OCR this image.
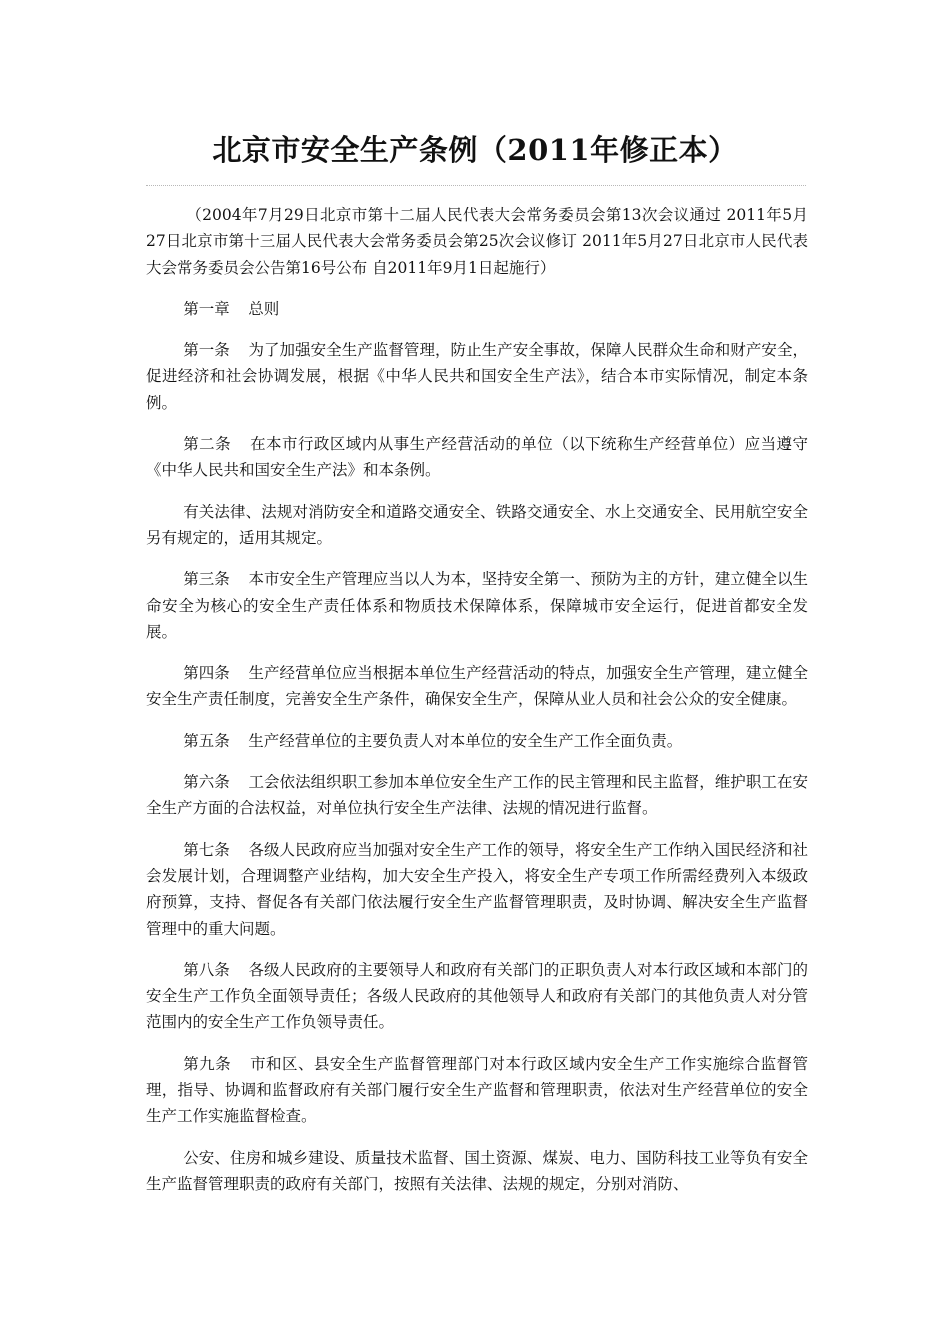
北京市安全生产条例（2011年修正本）

（2004年7月29日北京市第十二届人民代表大会常务委员会第13次会议通过 2011年5月27日北京市第十三届人民代表大会常务委员会第25次会议修订 2011年5月27日北京市人民代表大会常务委员会公告第16号公布 自2011年9月1日起施行）

第一章 总则

第一条 为了加强安全生产监督管理，防止生产安全事故，保障人民群众生命和财产安全，促进经济和社会协调发展，根据《中华人民共和国安全生产法》，结合本市实际情况，制定本条例。

第二条 在本市行政区域内从事生产经营活动的单位（以下统称生产经营单位）应当遵守《中华人民共和国安全生产法》和本条例。

有关法律、法规对消防安全和道路交通安全、铁路交通安全、水上交通安全、民用航空安全另有规定的，适用其规定。

第三条 本市安全生产管理应当以人为本，坚持安全第一、预防为主的方针，建立健全以生命安全为核心的安全生产责任体系和物质技术保障体系，保障城市安全运行，促进首都安全发展。

第四条 生产经营单位应当根据本单位生产经营活动的特点，加强安全生产管理，建立健全安全生产责任制度，完善安全生产条件，确保安全生产，保障从业人员和社会公众的安全健康。

第五条 生产经营单位的主要负责人对本单位的安全生产工作全面负责。

第六条 工会依法组织职工参加本单位安全生产工作的民主管理和民主监督，维护职工在安全生产方面的合法权益，对单位执行安全生产法律、法规的情况进行监督。

第七条 各级人民政府应当加强对安全生产工作的领导，将安全生产工作纳入国民经济和社会发展计划，合理调整产业结构，加大安全生产投入，将安全生产专项工作所需经费列入本级政府预算，支持、督促各有关部门依法履行安全生产监督管理职责，及时协调、解决安全生产监督管理中的重大问题。

第八条 各级人民政府的主要领导人和政府有关部门的正职负责人对本行政区域和本部门的安全生产工作负全面领导责任；各级人民政府的其他领导人和政府有关部门的其他负责人对分管范围内的安全生产工作负领导责任。

第九条 市和区、县安全生产监督管理部门对本行政区域内安全生产工作实施综合监督管理，指导、协调和监督政府有关部门履行安全生产监督和管理职责，依法对生产经营单位的安全生产工作实施监督检查。

公安、住房和城乡建设、质量技术监督、国土资源、煤炭、电力、国防科技工业等负有安全生产监督管理职责的政府有关部门，按照有关法律、法规的规定，分别对消防、
